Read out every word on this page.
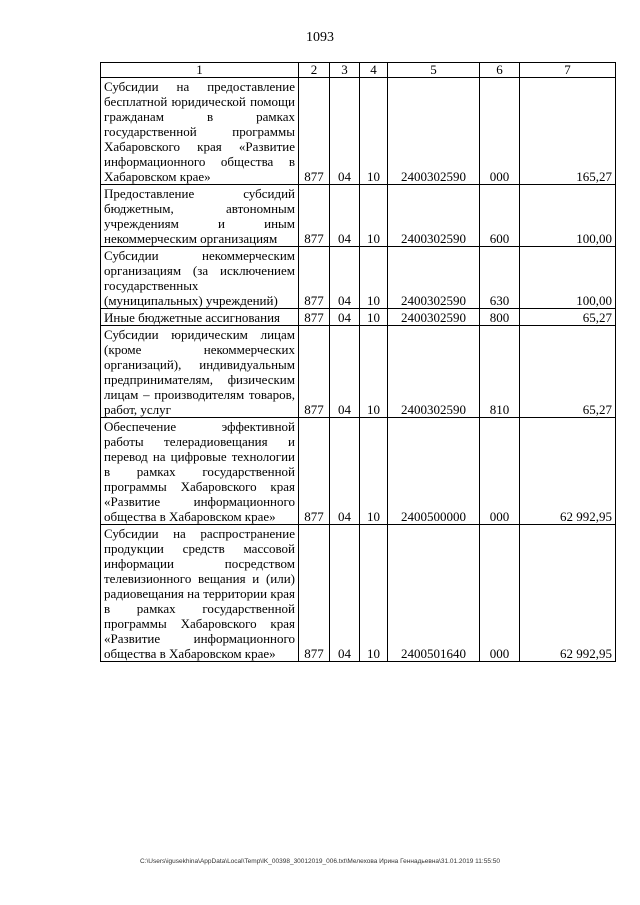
1093
1	2	3	4	5	6	7
Субсидии на предоставление бесплатной юридической помощи гражданам в рамках государственной программы Хабаровского края «Развитие информационного общества в Хабаровском крае»	877	04	10	2400302590	000	165,27
Предоставление субсидий бюджетным, автономным учреждениям и иным некоммерческим организациям	877	04	10	2400302590	600	100,00
Субсидии некоммерческим организациям (за исключением государственных (муниципальных) учреждений)	877	04	10	2400302590	630	100,00
Иные бюджетные ассигнования	877	04	10	2400302590	800	65,27
Субсидии юридическим лицам (кроме некоммерческих организаций), индивидуальным предпринимателям, физическим лицам – производителям товаров, работ, услуг	877	04	10	2400302590	810	65,27
Обеспечение эффективной работы телерадиовещания и перевод на цифровые технологии в рамках государственной программы Хабаровского края «Развитие информационного общества в Хабаровском крае»	877	04	10	2400500000	000	62 992,95
Субсидии на распространение продукции средств массовой информации посредством телевизионного вещания и (или) радиовещания на территории края в рамках государственной программы Хабаровского края «Развитие информационного общества в Хабаровском крае»	877	04	10	2400501640	000	62 992,95
C:\Users\igusekhina\AppData\Local\Temp\IK_00398_30012019_006.txt\Мелехова Ирина Геннадьевна\31.01.2019 11:55:50
